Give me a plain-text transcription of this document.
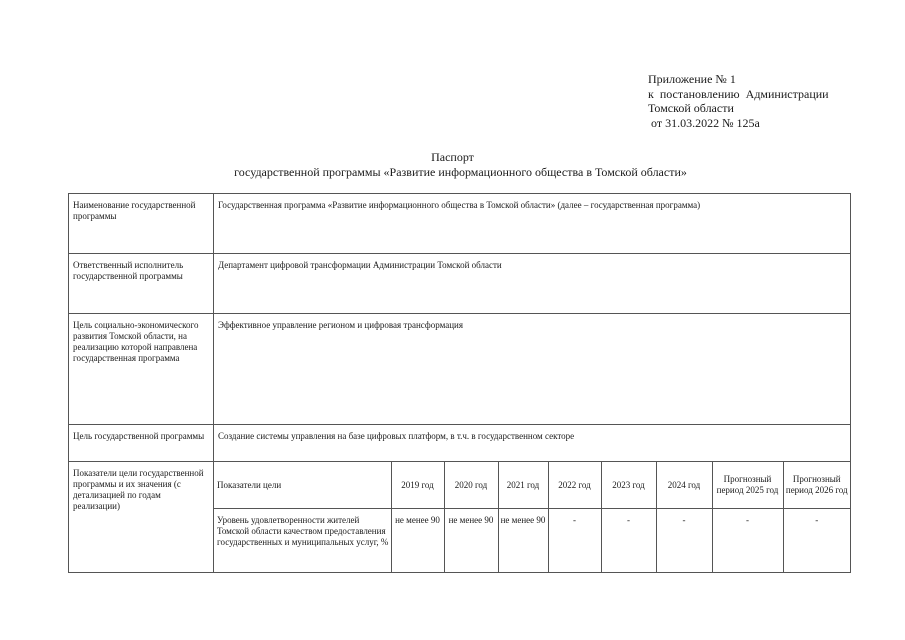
Приложение № 1
к  постановлению  Администрации
Томской области
от 31.03.2022 № 125а
Паспорт
государственной программы «Развитие информационного общества в Томской области»
Наименование государственной программы	Государственная программа «Развитие информационного общества в Томской области» (далее – государственная программа)
Ответственный исполнитель государственной программы	Департамент цифровой трансформации Администрации Томской области
Цель социально-экономического развития Томской области, на реализацию которой направлена государственная программа	Эффективное управление регионом и цифровая трансформация
Цель государственной программы	Создание системы управления на базе цифровых платформ, в т.ч. в государственном секторе
Показатели цели государственной программы и их значения (с детализацией по годам реализации)	
Показатели цели	2019 год	2020 год	2021 год	2022 год	2023 год	2024 год	Прогнозный период 2025 год	Прогнозный период 2026 год
Уровень удовлетворенности жителей Томской области качеством предоставления государственных и муниципальных услуг, %	не менее 90	не менее 90	не менее 90	-	-	-	-	-
